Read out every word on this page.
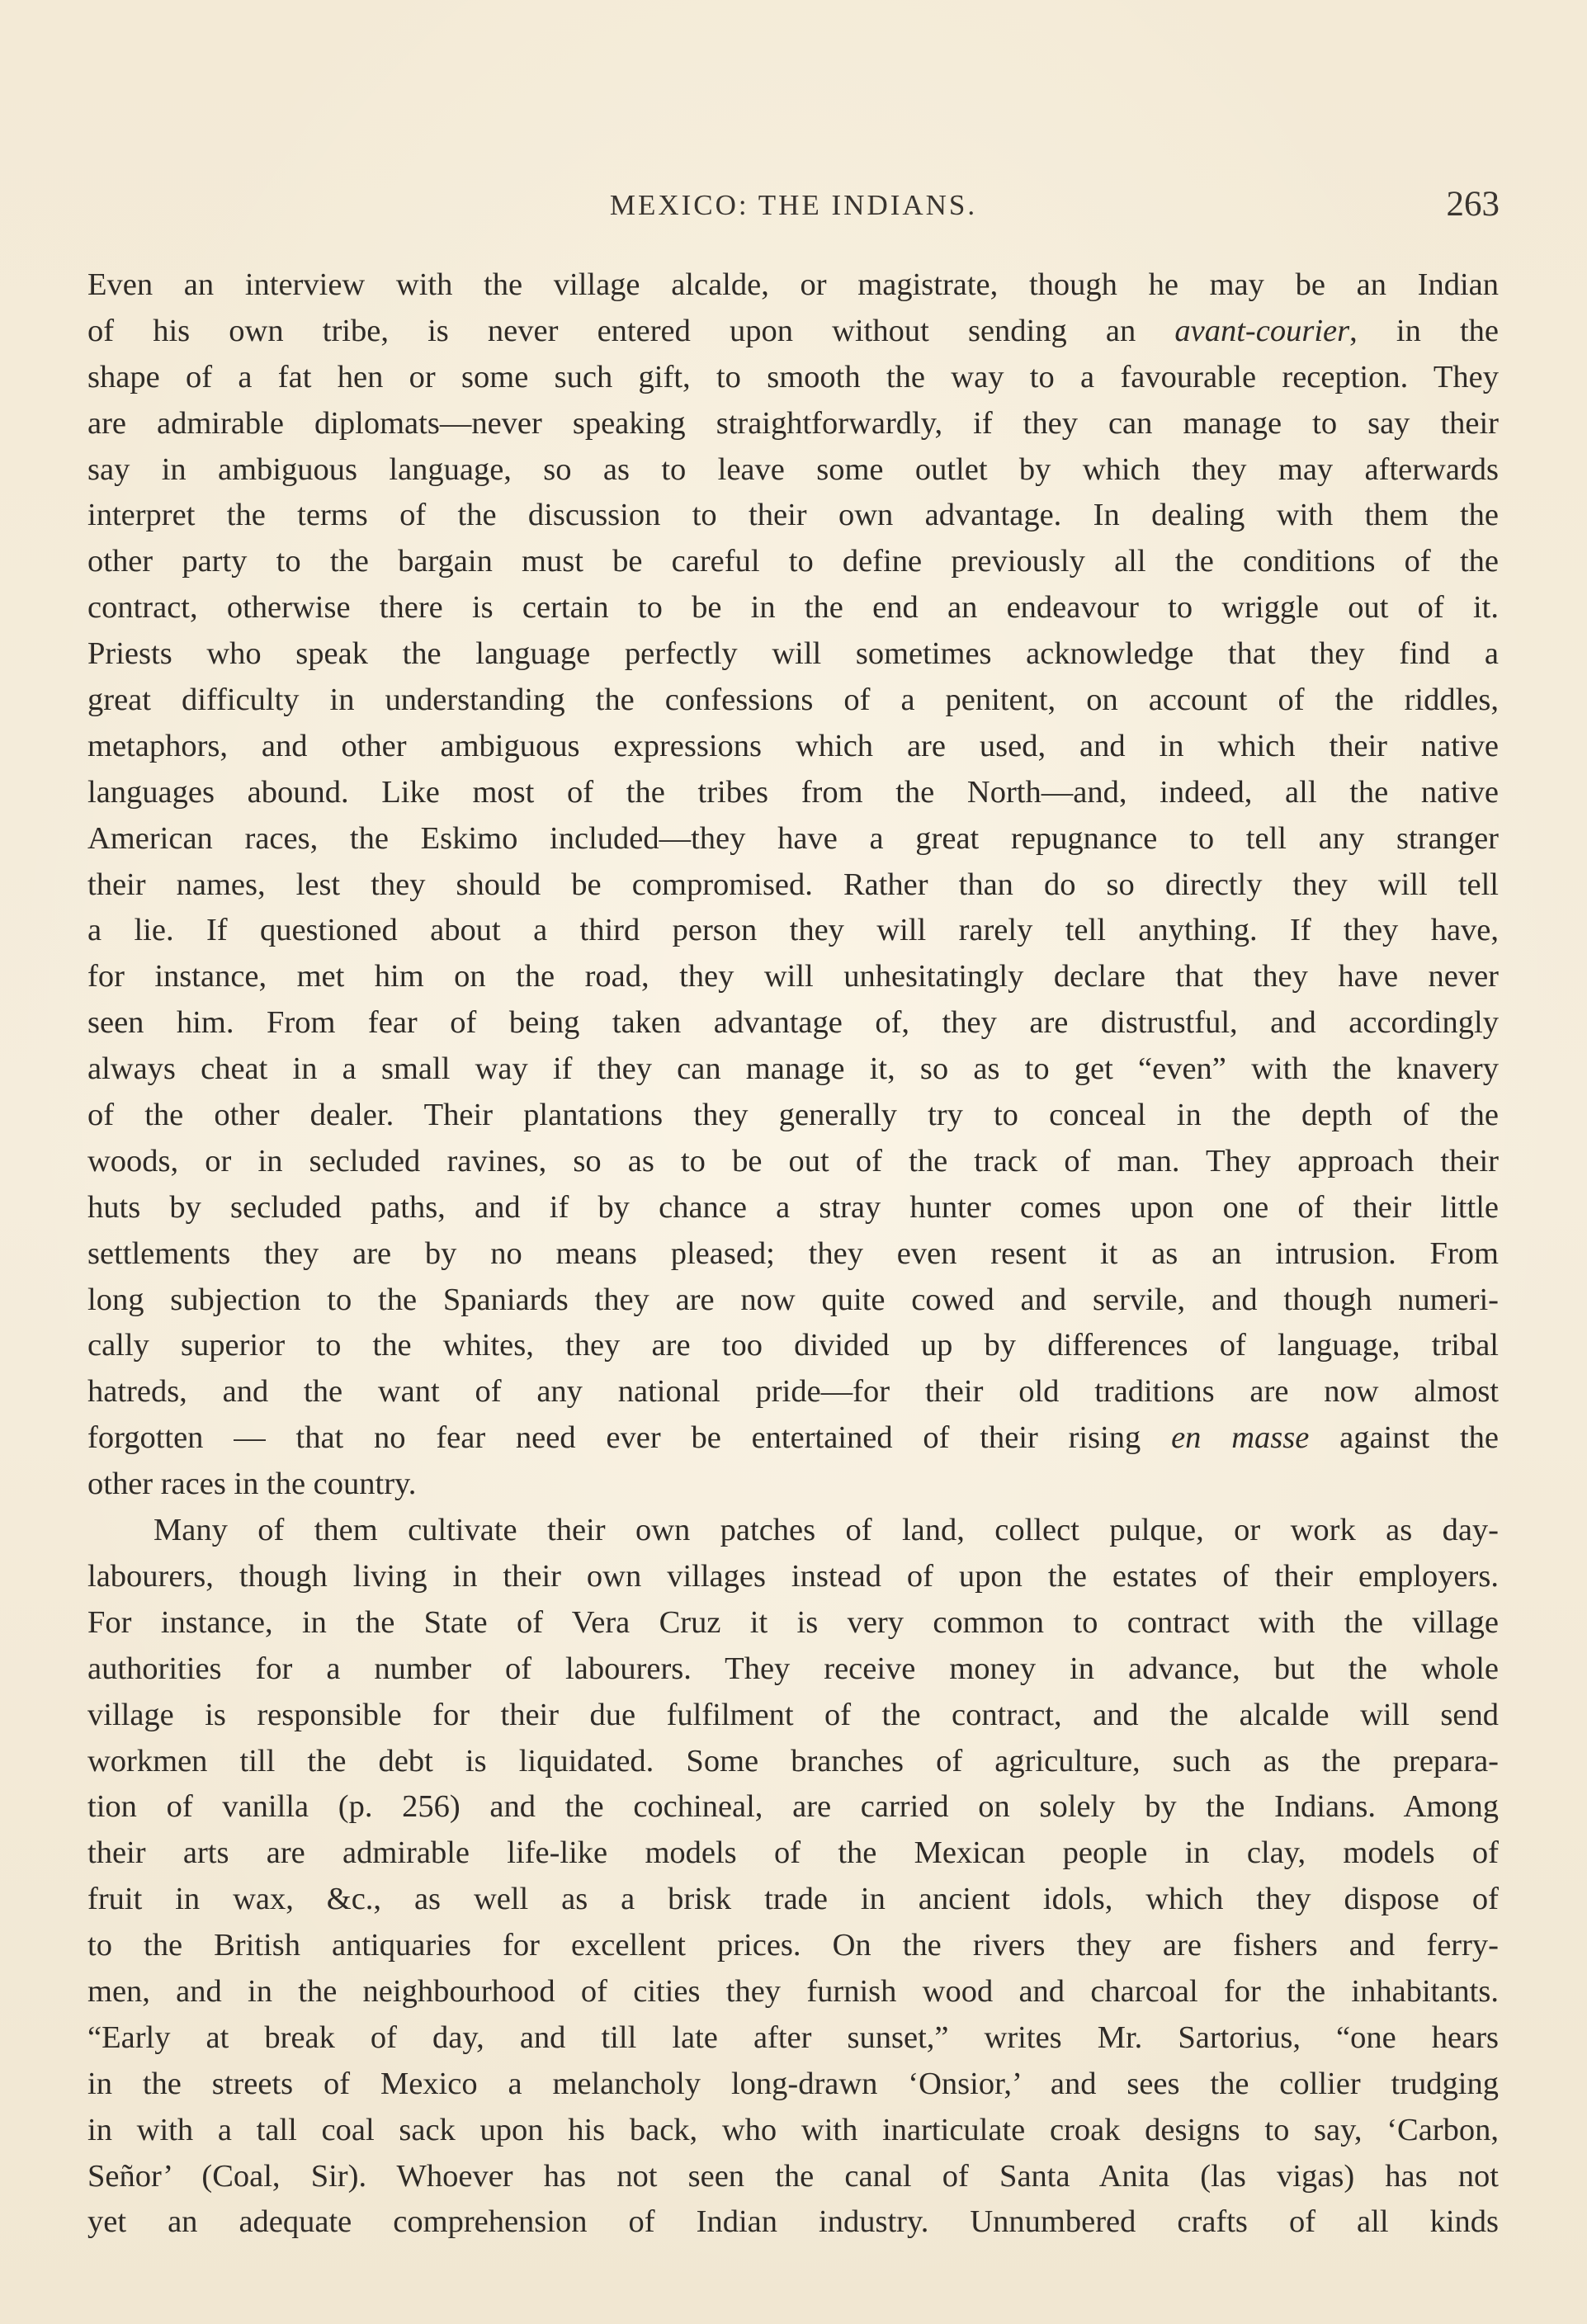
MEXICO: THE INDIANS.	263
Even an interview with the village alcalde, or magistrate, though he may be an Indian
of his own tribe, is never entered upon without sending an avant-courier, in the
shape of a fat hen or some such gift, to smooth the way to a favourable reception. They
are admirable diplomats—never speaking straightforwardly, if they can manage to say their
say in ambiguous language, so as to leave some outlet by which they may afterwards
interpret the terms of the discussion to their own advantage. In dealing with them the
other party to the bargain must be careful to define previously all the conditions of the
contract, otherwise there is certain to be in the end an endeavour to wriggle out of it.
Priests who speak the language perfectly will sometimes acknowledge that they find a
great difficulty in understanding the confessions of a penitent, on account of the riddles,
metaphors, and other ambiguous expressions which are used, and in which their native
languages abound. Like most of the tribes from the North—and, indeed, all the native
American races, the Eskimo included—they have a great repugnance to tell any stranger
their names, lest they should be compromised. Rather than do so directly they will tell
a lie. If questioned about a third person they will rarely tell anything. If they have,
for instance, met him on the road, they will unhesitatingly declare that they have never
seen him. From fear of being taken advantage of, they are distrustful, and accordingly
always cheat in a small way if they can manage it, so as to get “even” with the knavery
of the other dealer. Their plantations they generally try to conceal in the depth of the
woods, or in secluded ravines, so as to be out of the track of man. They approach their
huts by secluded paths, and if by chance a stray hunter comes upon one of their little
settlements they are by no means pleased; they even resent it as an intrusion. From
long subjection to the Spaniards they are now quite cowed and servile, and though numeri-
cally superior to the whites, they are too divided up by differences of language, tribal
hatreds, and the want of any national pride—for their old traditions are now almost
forgotten — that no fear need ever be entertained of their rising en masse against the
other races in the country.
Many of them cultivate their own patches of land, collect pulque, or work as day-
labourers, though living in their own villages instead of upon the estates of their employers.
For instance, in the State of Vera Cruz it is very common to contract with the village
authorities for a number of labourers. They receive money in advance, but the whole
village is responsible for their due fulfilment of the contract, and the alcalde will send
workmen till the debt is liquidated. Some branches of agriculture, such as the prepara-
tion of vanilla (p. 256) and the cochineal, are carried on solely by the Indians. Among
their arts are admirable life-like models of the Mexican people in clay, models of
fruit in wax, &c., as well as a brisk trade in ancient idols, which they dispose of
to the British antiquaries for excellent prices. On the rivers they are fishers and ferry-
men, and in the neighbourhood of cities they furnish wood and charcoal for the inhabitants.
“Early at break of day, and till late after sunset,” writes Mr. Sartorius, “one hears
in the streets of Mexico a melancholy long-drawn ‘Onsior,’ and sees the collier trudging
in with a tall coal sack upon his back, who with inarticulate croak designs to say, ‘Carbon,
Señor’ (Coal, Sir). Whoever has not seen the canal of Santa Anita (las vigas) has not
yet an adequate comprehension of Indian industry. Unnumbered crafts of all kinds
